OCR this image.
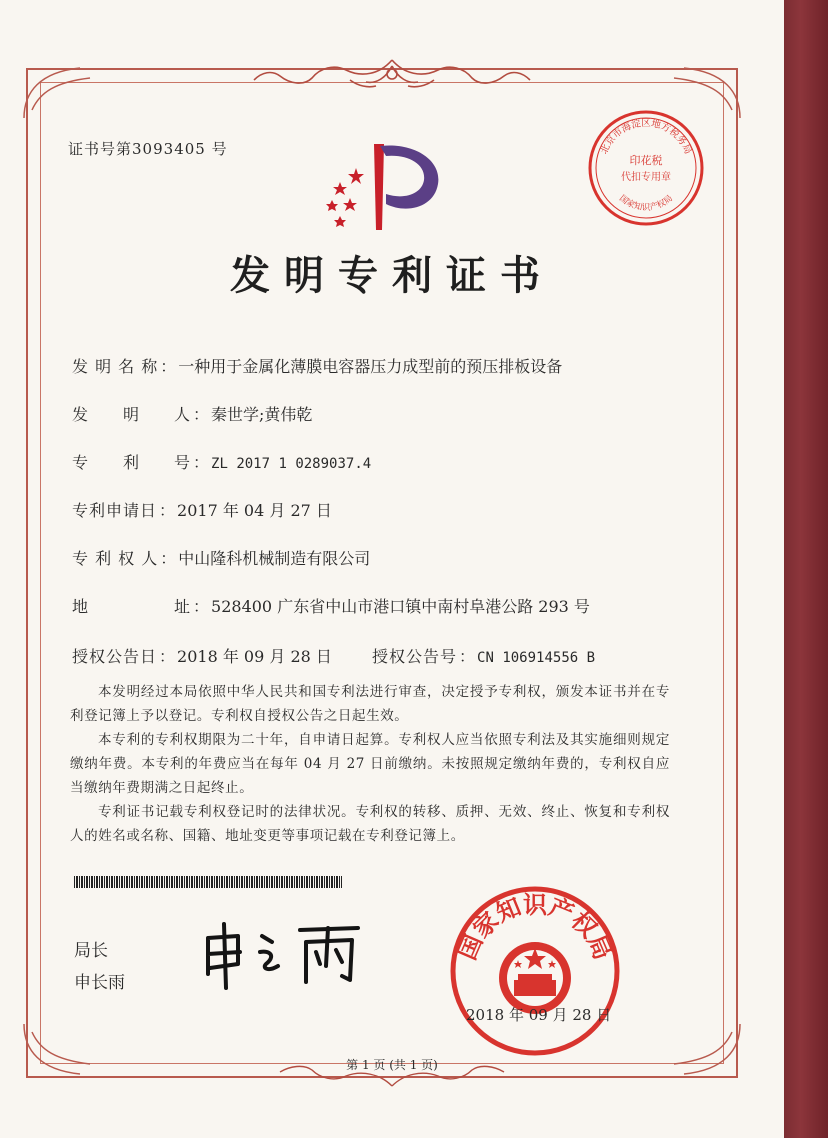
证书号第3093405 号	北京市海淀区地方税务局
国家知识产权局
印花税
代扣专用章
发明专利证书
发 明 名 称 ： 一种用于金属化薄膜电容器压力成型前的预压排板设备
发　　明　　人 ： 秦世学;黄伟乾
专　　利　　号 ： ZL 2017 1 0289037.4
专利申请日 ： 2017 年 04 月 27 日
专 利 权 人 ： 中山隆科机械制造有限公司
地　　　　　址 ： 528400 广东省中山市港口镇中南村阜港公路 293 号
授权公告日 ： 2018 年 09 月 28 日	授权公告号 ： CN 106914556 B
本发明经过本局依照中华人民共和国专利法进行审查，决定授予专利权，颁发本证书并在专利登记簿上予以登记。专利权自授权公告之日起生效。
本专利的专利权期限为二十年，自申请日起算。专利权人应当依照专利法及其实施细则规定缴纳年费。本专利的年费应当在每年 04 月 27 日前缴纳。未按照规定缴纳年费的，专利权自应当缴纳年费期满之日起终止。
专利证书记载专利权登记时的法律状况。专利权的转移、质押、无效、终止、恢复和专利权人的姓名或名称、国籍、地址变更等事项记载在专利登记簿上。
局长
申长雨
国家知识产权局
2018 年 09 月 28 日
第 1 页 (共 1 页)
